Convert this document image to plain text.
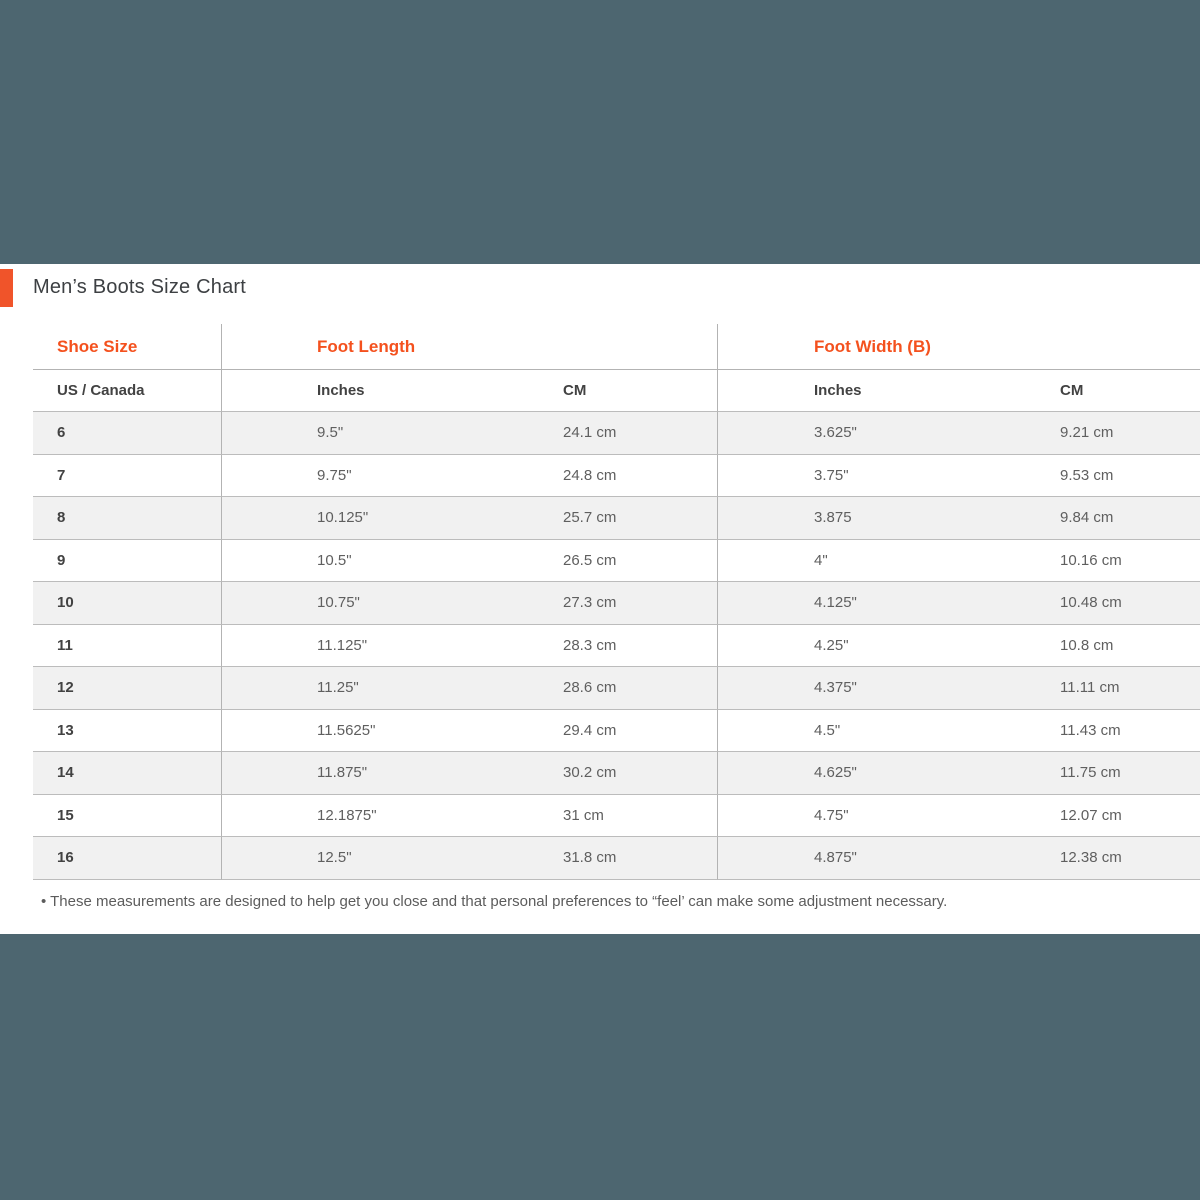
Men’s Boots Size Chart
Shoe Size	Foot Length	Foot Width (B)
US / Canada	Inches	CM	Inches	CM
6	9.5"	24.1 cm	3.625"	9.21 cm
7	9.75"	24.8 cm	3.75"	9.53 cm
8	10.125"	25.7 cm	3.875	9.84 cm
9	10.5"	26.5 cm	4"	10.16 cm
10	10.75"	27.3 cm	4.125"	10.48 cm
11	11.125"	28.3 cm	4.25"	10.8 cm
12	11.25"	28.6 cm	4.375"	11.11 cm
13	11.5625"	29.4 cm	4.5"	11.43 cm
14	11.875"	30.2 cm	4.625"	11.75 cm
15	12.1875"	31 cm	4.75"	12.07 cm
16	12.5"	31.8 cm	4.875"	12.38 cm

• These measurements are designed to help get you close and that personal preferences to “feel’ can make some adjustment necessary.
